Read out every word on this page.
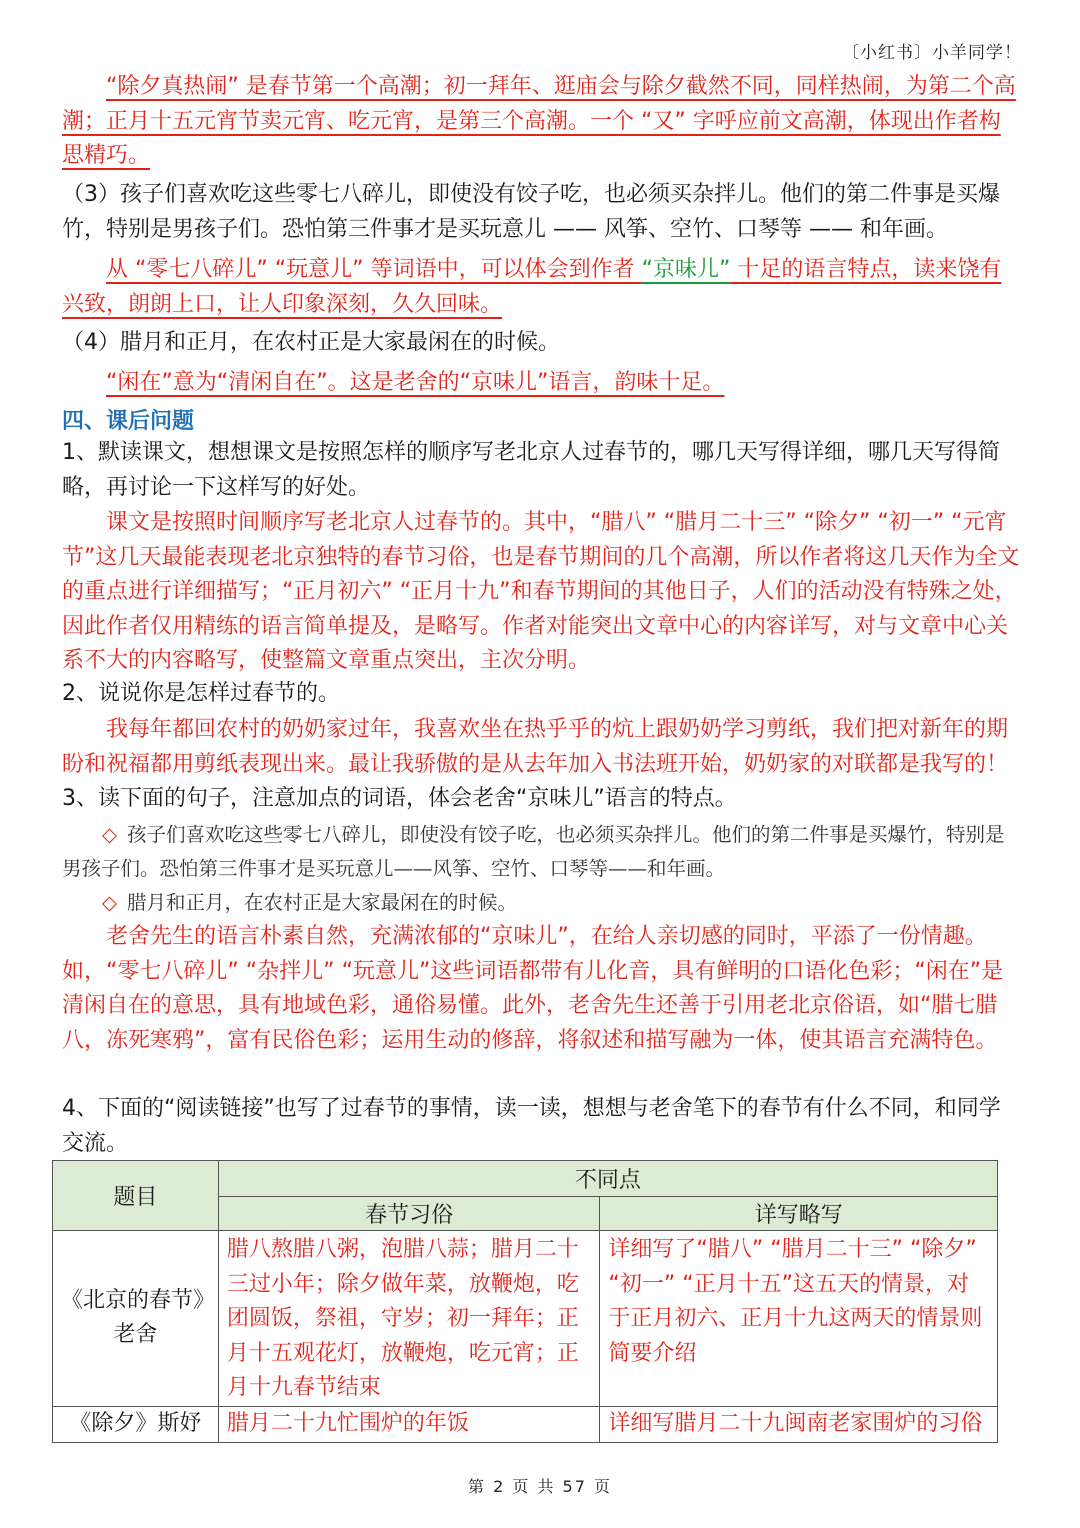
〔小红书〕小羊同学！

“除夕真热闹” 是春节第一个高潮；初一拜年、逛庙会与除夕截然不同，同样热闹，为第二个高潮；正月十五元宵节卖元宵、吃元宵，是第三个高潮。一个 “又” 字呼应前文高潮，体现出作者构思精巧。

（3）孩子们喜欢吃这些零七八碎儿，即使没有饺子吃，也必须买杂拌儿。他们的第二件事是买爆竹，特别是男孩子们。恐怕第三件事才是买玩意儿 —— 风筝、空竹、口琴等 —— 和年画。

从 “零七八碎儿” “玩意儿” 等词语中，可以体会到作者 “京味儿” 十足的语言特点，读来饶有兴致，朗朗上口，让人印象深刻，久久回味。

（4）腊月和正月，在农村正是大家最闲在的时候。

“闲在”意为“清闲自在”。这是老舍的“京味儿”语言，韵味十足。

四、课后问题

1、默读课文，想想课文是按照怎样的顺序写老北京人过春节的，哪几天写得详细，哪几天写得简略，再讨论一下这样写的好处。

课文是按照时间顺序写老北京人过春节的。其中，“腊八” “腊月二十三” “除夕” “初一” “元宵节”这几天最能表现老北京独特的春节习俗，也是春节期间的几个高潮，所以作者将这几天作为全文的重点进行详细描写；“正月初六” “正月十九”和春节期间的其他日子，人们的活动没有特殊之处，因此作者仅用精练的语言简单提及，是略写。作者对能突出文章中心的内容详写，对与文章中心关系不大的内容略写，使整篇文章重点突出，主次分明。

2、说说你是怎样过春节的。

我每年都回农村的奶奶家过年，我喜欢坐在热乎乎的炕上跟奶奶学习剪纸，我们把对新年的期盼和祝福都用剪纸表现出来。最让我骄傲的是从去年加入书法班开始，奶奶家的对联都是我写的！

3、读下面的句子，注意加点的词语，体会老舍“京味儿”语言的特点。

◇ 孩子们喜欢吃这些零七八碎儿，即使没有饺子吃，也必须买杂拌儿。他们的第二件事是买爆竹，特别是男孩子们。恐怕第三件事才是买玩意儿——风筝、空竹、口琴等——和年画。
◇ 腊月和正月，在农村正是大家最闲在的时候。

老舍先生的语言朴素自然，充满浓郁的“京味儿”，在给人亲切感的同时，平添了一份情趣。如，“零七八碎儿” “杂拌儿” “玩意儿”这些词语都带有儿化音，具有鲜明的口语化色彩；“闲在”是清闲自在的意思，具有地域色彩，通俗易懂。此外，老舍先生还善于引用老北京俗语，如“腊七腊八，冻死寒鸦”，富有民俗色彩；运用生动的修辞，将叙述和描写融为一体，使其语言充满特色。

4、下面的“阅读链接”也写了过春节的事情，读一读，想想与老舍笔下的春节有什么不同，和同学交流。

题目	不同点	
	春节习俗	详写略写

《北京的春节》
老舍	腊八熬腊八粥，泡腊八蒜；腊月二十三过小年；除夕做年菜，放鞭炮，吃团圆饭，祭祖，守岁；初一拜年；正月十五观花灯，放鞭炮，吃元宵；正月十九春节结束	详细写了“腊八” “腊月二十三” “除夕” “初一” “正月十五”这五天的情景，对于正月初六、正月十九这两天的情景则简要介绍
《除夕》斯妤	腊月二十九忙围炉的年饭	详细写腊月二十九闽南老家围炉的习俗
第 2 页 共 57 页
